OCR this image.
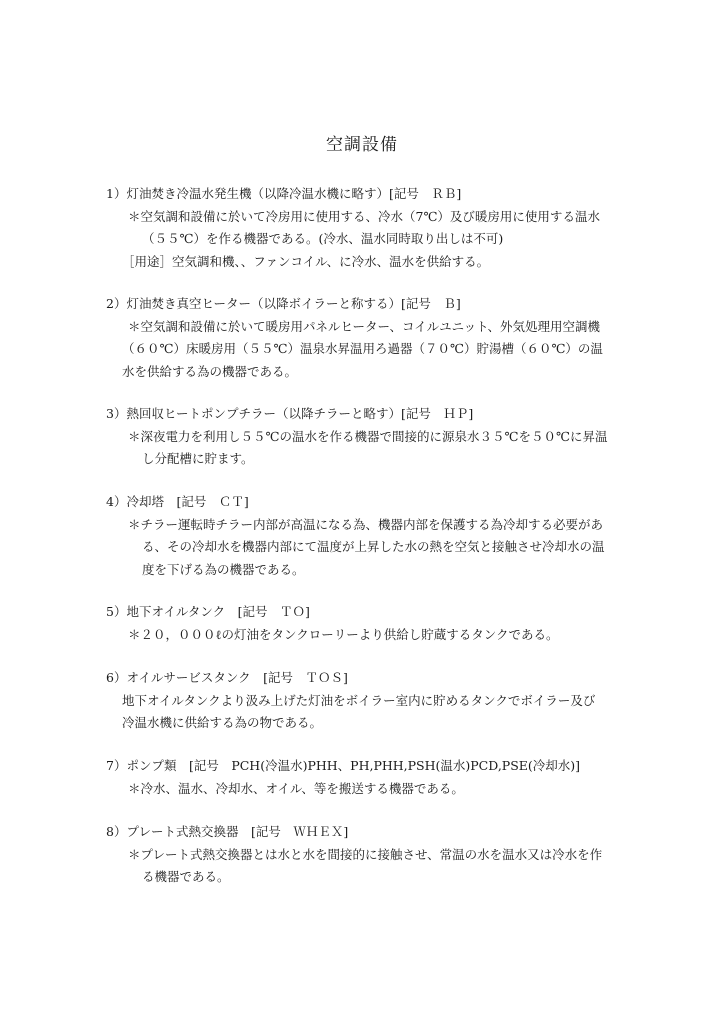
空調設備
1）灯油焚き冷温水発生機（以降冷温水機に略す）[記号　ＲＢ]
＊空気調和設備に於いて冷房用に使用する、冷水（7℃）及び暖房用に使用する温水
（５５℃）を作る機器である。(冷水、温水同時取り出しは不可)
［用途］空気調和機、、ファンコイル、に冷水、温水を供給する。
2）灯油焚き真空ヒーター（以降ボイラーと称する）[記号　Ｂ]
＊空気調和設備に於いて暖房用パネルヒーター、コイルユニット、外気処理用空調機
（６０℃）床暖房用（５５℃）温泉水昇温用ろ過器（７０℃）貯湯槽（６０℃）の温
水を供給する為の機器である。
3）熱回収ヒートポンプチラー（以降チラーと略す）[記号　ＨＰ]
＊深夜電力を利用し５５℃の温水を作る機器で間接的に源泉水３５℃を５０℃に昇温
し分配槽に貯ます。
4）冷却塔　[記号　ＣＴ]
＊チラー運転時チラー内部が高温になる為、機器内部を保護する為冷却する必要があ
る、その冷却水を機器内部にて温度が上昇した水の熱を空気と接触させ冷却水の温
度を下げる為の機器である。
5）地下オイルタンク　[記号　ＴＯ]
＊２０，０００ℓの灯油をタンクローリーより供給し貯蔵するタンクである。
6）オイルサービスタンク　[記号　ＴＯＳ]
地下オイルタンクより汲み上げた灯油をボイラー室内に貯めるタンクでボイラー及び
冷温水機に供給する為の物である。
7）ポンプ類　[記号　PCH(冷温水)PHH、PH,PHH,PSH(温水)PCD,PSE(冷却水)]
＊冷水、温水、冷却水、オイル、等を搬送する機器である。
8）プレート式熱交換器　[記号　ＷＨＥＸ]
＊プレート式熱交換器とは水と水を間接的に接触させ、常温の水を温水又は冷水を作
る機器である。
